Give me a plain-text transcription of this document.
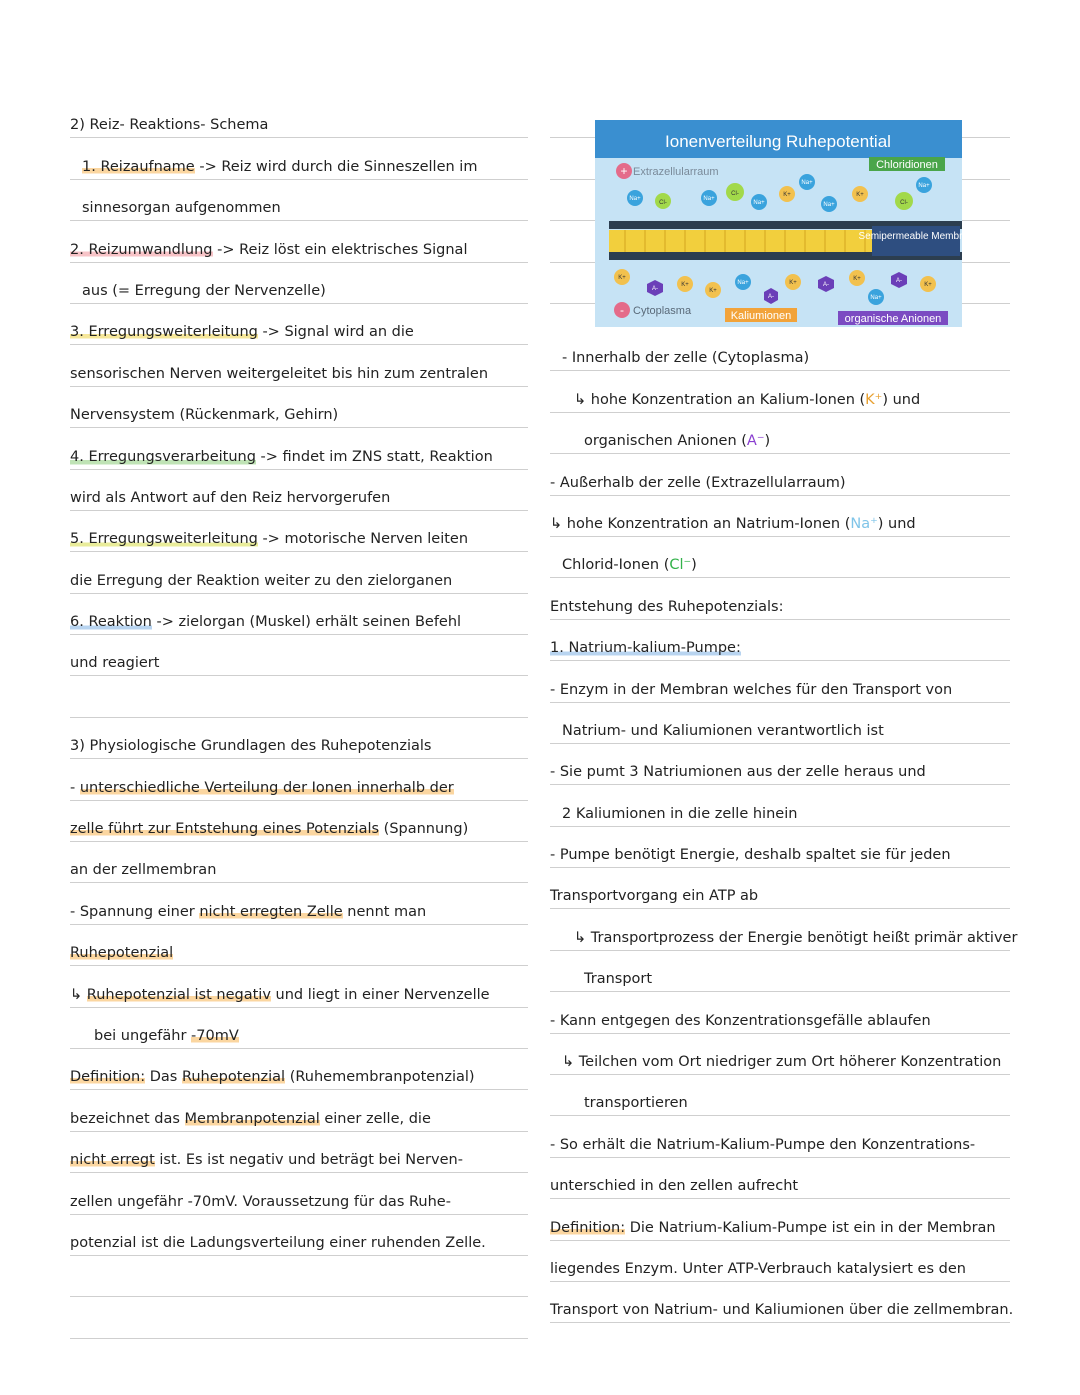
2) Reiz- Reaktions- Schema
1. Reizaufname -> Reiz wird durch die Sinneszellen im
sinnesorgan aufgenommen
2. Reizumwandlung -> Reiz löst ein elektrisches Signal
aus (= Erregung der Nervenzelle)
3. Erregungsweiterleitung -> Signal wird an die
sensorischen Nerven weitergeleitet bis hin zum zentralen
Nervensystem (Rückenmark, Gehirn)
4. Erregungsverarbeitung -> findet im ZNS statt, Reaktion
wird als Antwort auf den Reiz hervorgerufen
5. Erregungsweiterleitung -> motorische Nerven leiten
die Erregung der Reaktion weiter zu den zielorganen
6. Reaktion -> zielorgan (Muskel) erhält seinen Befehl
und reagiert
3) Physiologische Grundlagen des Ruhepotenzials
- unterschiedliche Verteilung der Ionen innerhalb der
zelle führt zur Entstehung eines Potenzials (Spannung)
an der zellmembran
- Spannung einer nicht erregten Zelle nennt man
Ruhepotenzial
↳ Ruhepotenzial ist negativ und liegt in einer Nervenzelle
bei ungefähr -70mV
Definition: Das Ruhepotenzial (Ruhemembranpotenzial)
bezeichnet das Membranpotenzial einer zelle, die
nicht erregt ist. Es ist negativ und beträgt bei Nerven-
zellen ungefähr -70mV. Voraussetzung für das Ruhe-
potenzial ist die Ladungsverteilung einer ruhenden Zelle.
Ionenverteilung Ruhepotential
+ Extrazellularraum
Chloridionen
Na+
Cl-
Na+
Cl-
Na+
K+
Na+
Na+
K+
Cl-
Na+
Semipermeable Membran
K+
A-
K+
K+
Na+
A-
K+	A-
K+
Na+
A-
K+
- Cytoplasma	Kaliumionen	organische Anionen
- Innerhalb der zelle (Cytoplasma)
↳ hohe Konzentration an Kalium-Ionen ( K⁺ ) und
organischen Anionen ( A⁻ )
- Außerhalb der zelle (Extrazellularraum)
↳ hohe Konzentration an Natrium-Ionen ( Na⁺ ) und
Chlorid-Ionen ( Cl⁻ )
Entstehung des Ruhepotenzials:
1. Natrium-kalium-Pumpe:
- Enzym in der Membran welches für den Transport von
Natrium- und Kaliumionen verantwortlich ist
- Sie pumt 3 Natriumionen aus der zelle heraus und
2 Kaliumionen in die zelle hinein
- Pumpe benötigt Energie, deshalb spaltet sie für jeden
Transportvorgang ein ATP ab
↳ Transportprozess der Energie benötigt heißt primär aktiver
Transport
- Kann entgegen des Konzentrationsgefälle ablaufen
↳ Teilchen vom Ort niedriger zum Ort höherer Konzentration
transportieren
- So erhält die Natrium-Kalium-Pumpe den Konzentrations-
unterschied in den zellen aufrecht
Definition: Die Natrium-Kalium-Pumpe ist ein in der Membran
liegendes Enzym. Unter ATP-Verbrauch katalysiert es den
Transport von Natrium- und Kaliumionen über die zellmembran.
